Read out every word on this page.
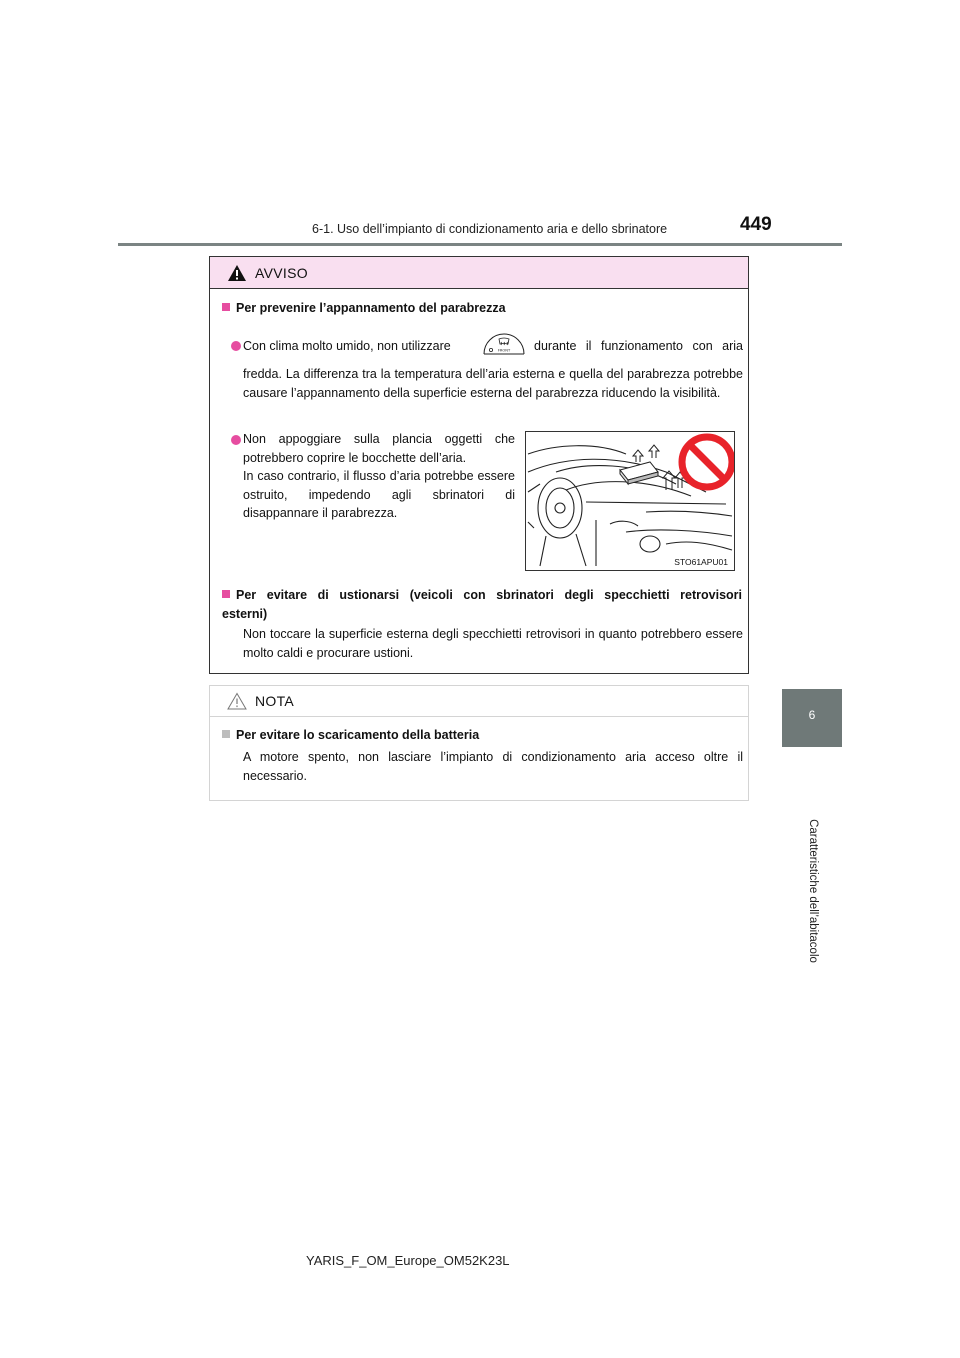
6-1. Uso dell’impianto di condizionamento aria e dello sbrinatore	449
6
Caratteristiche dell’abitacolo
AVVISO
Per prevenire l’appannamento del parabrezza
Con clima molto umido, non utilizzare	durante il funzionamento con aria
fredda. La differenza tra la temperatura dell’aria esterna e quella del parabrezza potrebbe causare l’appannamento della superficie esterna del parabrezza riducendo la visibilità.
Non appoggiare sulla plancia oggetti che potrebbero coprire le bocchette dell’aria.
In caso contrario, il flusso d’aria potrebbe essere ostruito, impedendo agli sbrinatori di disappannare il parabrezza.
Per evitare di ustionarsi (veicoli con sbrinatori degli specchietti retrovisori
esterni)
Non toccare la superficie esterna degli specchietti retrovisori in quanto potrebbero essere molto caldi e procurare ustioni.
FRONT
STO61APU01
NOTA
Per evitare lo scaricamento della batteria
A motore spento, non lasciare l’impianto di condizionamento aria acceso oltre il necessario.
YARIS_F_OM_Europe_OM52K23L
